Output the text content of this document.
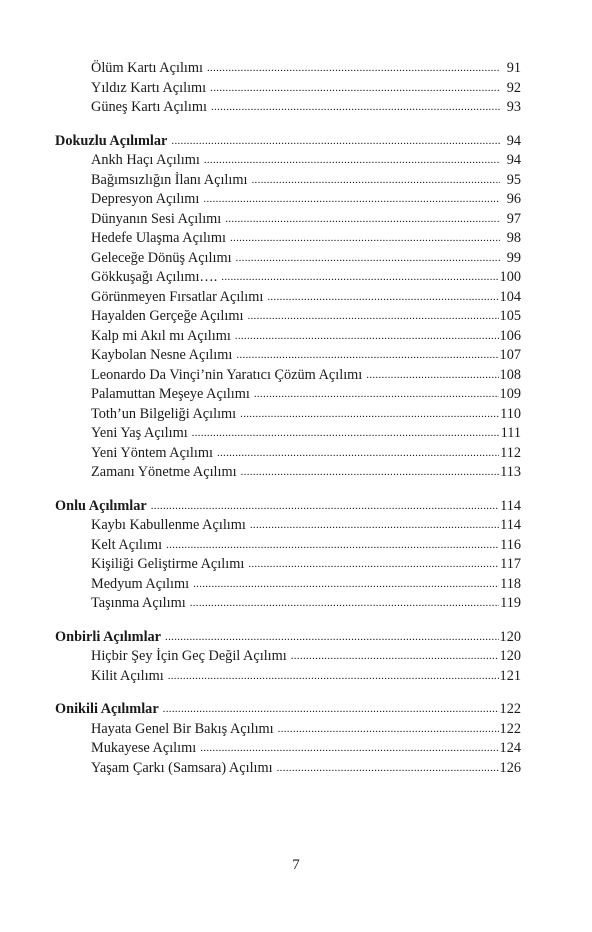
Ölüm Kartı Açılımı .....	91
Yıldız Kartı Açılımı .....	92
Güneş Kartı Açılımı .....	93
Dokuzlu Açılımlar .....	94
Ankh Haçı Açılımı .....	94
Bağımsızlığın İlanı Açılımı .....	95
Depresyon Açılımı .....	96
Dünyanın Sesi Açılımı .....	97
Hedefe Ulaşma Açılımı .....	98
Geleceğe Dönüş Açılımı .....	99
Gökkuşağı Açılımı…. .....	100
Görünmeyen Fırsatlar Açılımı .....	104
Hayalden Gerçeğe Açılımı .....	105
Kalp mi Akıl mı Açılımı .....	106
Kaybolan Nesne Açılımı .....	107
Leonardo Da Vinçi’nin Yaratıcı Çözüm Açılımı .....	108
Palamuttan Meşeye Açılımı .....	109
Toth’un Bilgeliği Açılımı .....	110
Yeni Yaş Açılımı .....	111
Yeni Yöntem Açılımı .....	112
Zamanı Yönetme Açılımı .....	113
Onlu Açılımlar .....	114
Kaybı Kabullenme Açılımı .....	114
Kelt Açılımı .....	116
Kişiliği Geliştirme Açılımı .....	117
Medyum Açılımı .....	118
Taşınma Açılımı .....	119
Onbirli Açılımlar .....	120
Hiçbir Şey İçin Geç Değil Açılımı .....	120
Kilit Açılımı .....	121
Onikili Açılımlar .....	122
Hayata Genel Bir Bakış Açılımı .....	122
Mukayese Açılımı .....	124
Yaşam Çarkı (Samsara) Açılımı .....	126
7
